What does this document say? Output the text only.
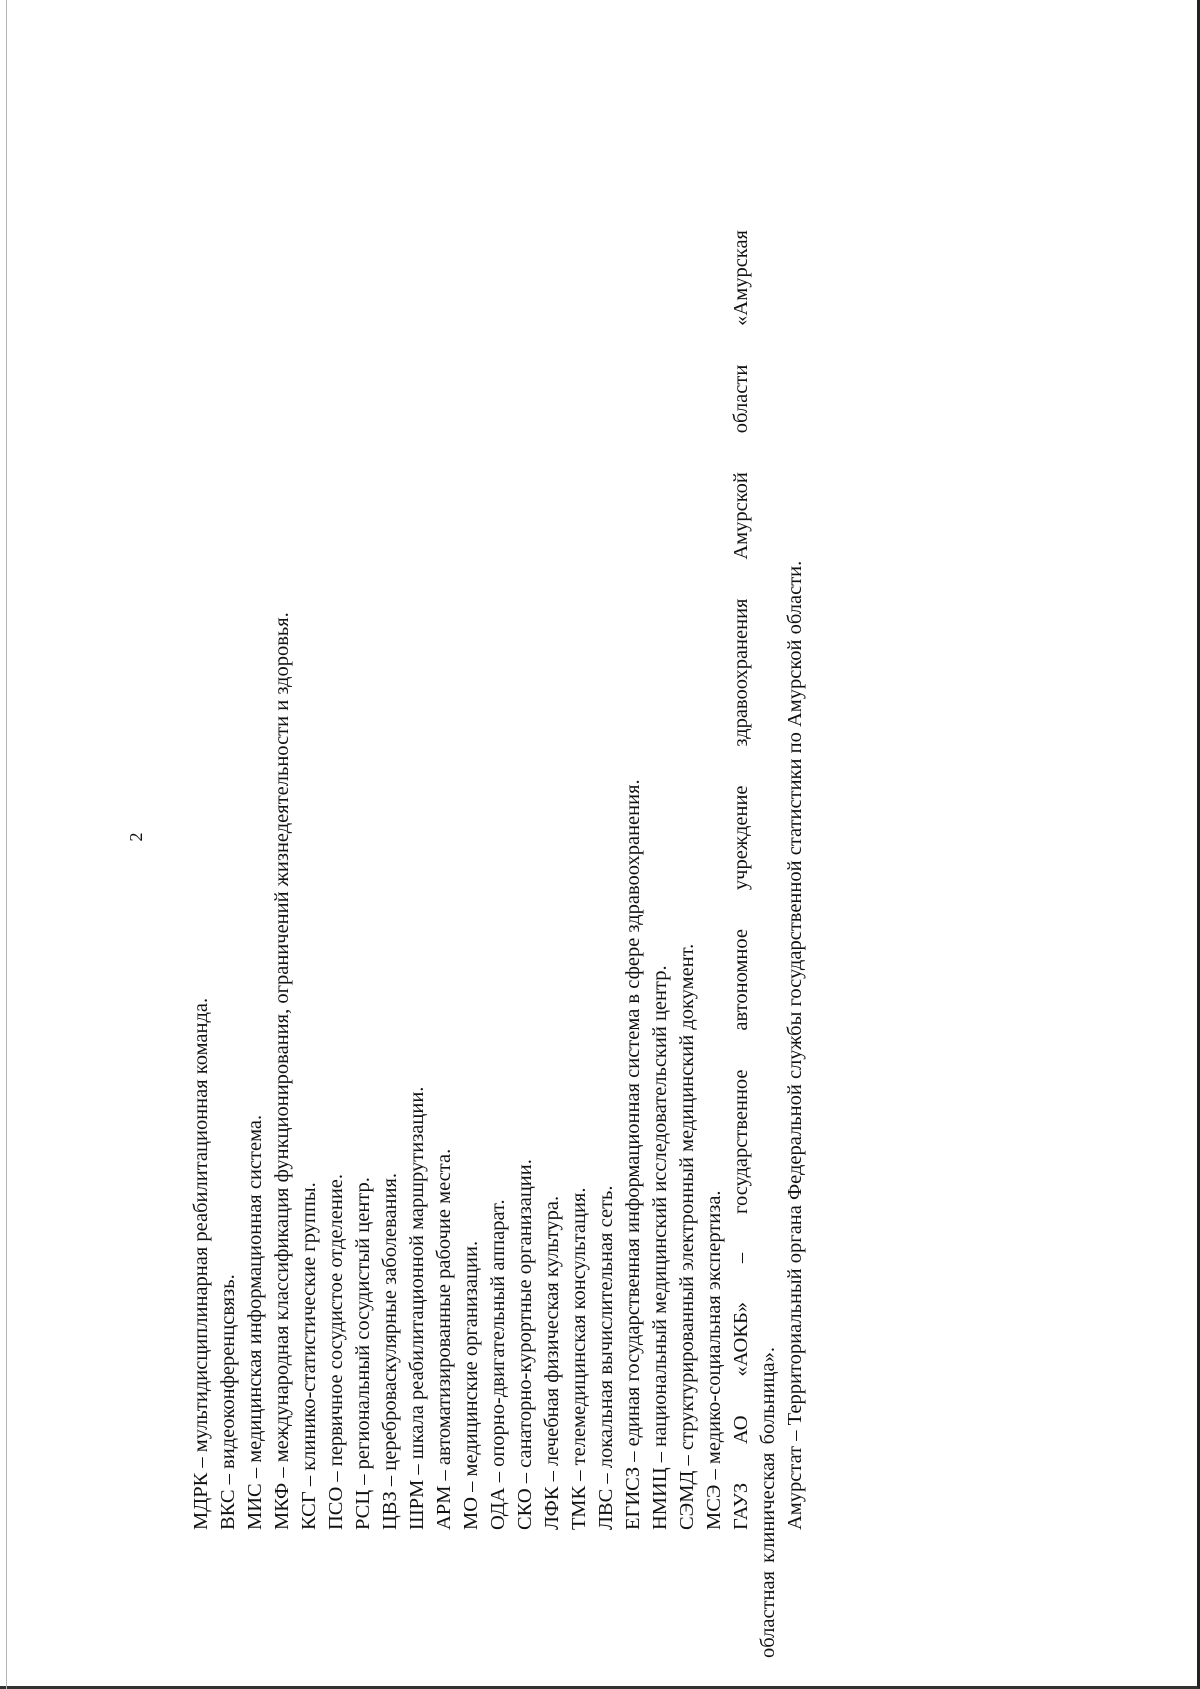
2
МДРК – мультидисциплинарная реабилитационная команда. ВКС – видеоконференцсвязь. МИС – медицинская информационная система. МКФ – международная классификация функционирования, ограничений жизнедеятельности и здоровья. КСГ – клинико-статистические группы. ПСО – первичное сосудистое отделение. РСЦ – региональный сосудистый центр. ЦВЗ – цереброваскулярные заболевания. ШРМ – шкала реабилитационной маршрутизации. АРМ – автоматизированные рабочие места. МО – медицинские организации. ОДА – опорно-двигательный аппарат. СКО – санаторно-курортные организации. ЛФК – лечебная физическая культура. ТМК – телемедицинская консультация. ЛВС – локальная вычислительная сеть. ЕГИСЗ – единая государственная информационная система в сфере здравоохранения. НМИЦ – национальный медицинский исследовательский центр. СЭМД – структурированный электронный медицинский документ. МСЭ – медико-социальная экспертиза. ГАУЗ АО «АОКБ» – государственное автономное учреждение здравоохранения Амурской области «Амурская областная клиническая больница». Амурстат – Территориальный органа Федеральной службы государственной статистики по Амурской области.
